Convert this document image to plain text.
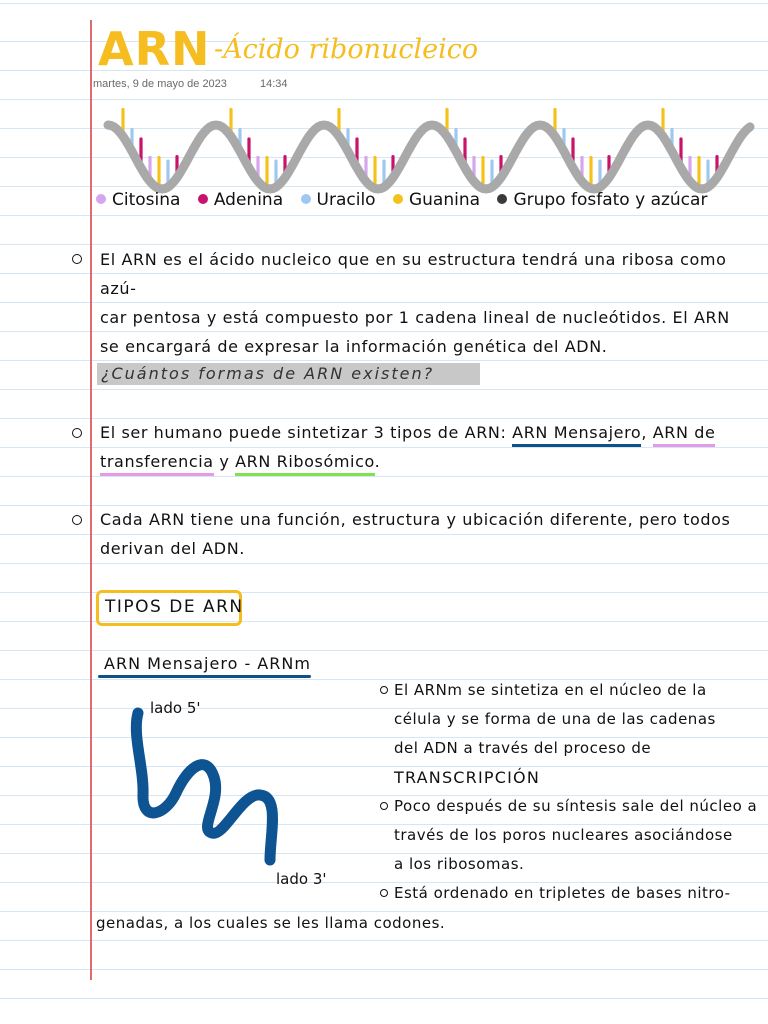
ARN -Ácido ribonucleico
martes, 9 de mayo de 2023	14:34
Citosina Adenina Uracilo Guanina Grupo fosfato y azúcar
El ARN es el ácido nucleico que en su estructura tendrá una ribosa como azú-
car pentosa y está compuesto por 1 cadena lineal de nucleótidos. El ARN
se encargará de expresar la información genética del ADN.
¿Cuántos formas de ARN existen?
El ser humano puede sintetizar 3 tipos de ARN: ARN Mensajero, ARN de
transferencia y ARN Ribosómico.
Cada ARN tiene una función, estructura y ubicación diferente, pero todos
derivan del ADN.
TIPOS DE ARN
ARN Mensajero - ARNm
lado 5'
lado 3'
El ARNm se sintetiza en el núcleo de la
célula y se forma de una de las cadenas
del ADN a través del proceso de
TRANSCRIPCIÓN
Poco después de su síntesis sale del núcleo a
través de los poros nucleares asociándose
a los ribosomas.
Está ordenado en tripletes de bases nitro-
genadas, a los cuales se les llama codones.
